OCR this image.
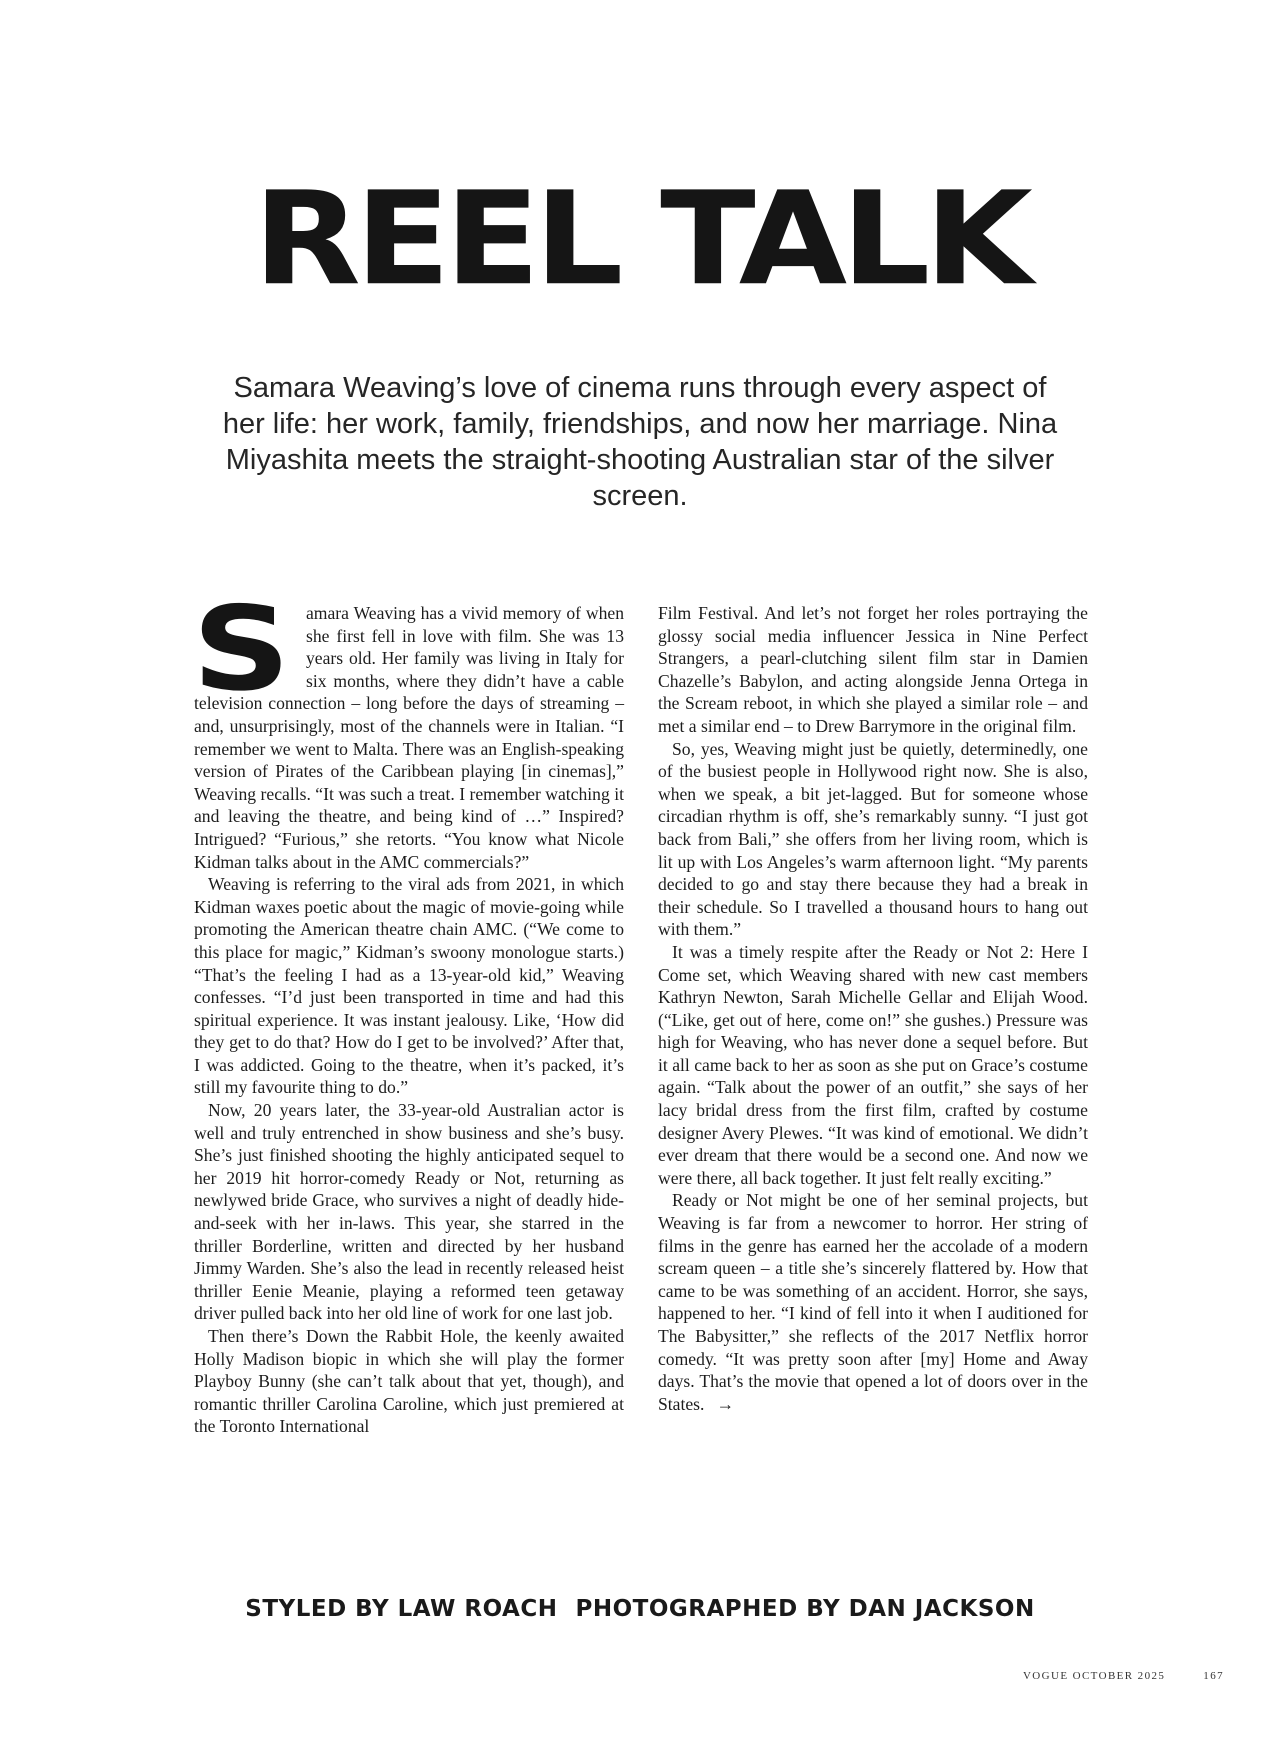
REEL TALK

Samara Weaving’s love of cinema runs through every aspect of her life: her work, family, friendships, and now her marriage. Nina Miyashita meets the straight-shooting Australian star of the silver screen.

Samara Weaving has a vivid memory of when she first fell in love with film. She was 13 years old. Her family was living in Italy for six months, where they didn’t have a cable television connection – long before the days of streaming – and, unsurprisingly, most of the channels were in Italian. “I remember we went to Malta. There was an English-speaking version of Pirates of the Caribbean playing [in cinemas],” Weaving recalls. “It was such a treat. I remember watching it and leaving the theatre, and being kind of …” Inspired? Intrigued? “Furious,” she retorts. “You know what Nicole Kidman talks about in the AMC commercials?”

Weaving is referring to the viral ads from 2021, in which Kidman waxes poetic about the magic of movie-going while promoting the American theatre chain AMC. (“We come to this place for magic,” Kidman’s swoony monologue starts.) “That’s the feeling I had as a 13-year-old kid,” Weaving confesses. “I’d just been transported in time and had this spiritual experience. It was instant jealousy. Like, ‘How did they get to do that? How do I get to be involved?’ After that, I was addicted. Going to the theatre, when it’s packed, it’s still my favourite thing to do.”

Now, 20 years later, the 33-year-old Australian actor is well and truly entrenched in show business and she’s busy. She’s just finished shooting the highly anticipated sequel to her 2019 hit horror-comedy Ready or Not, returning as newlywed bride Grace, who survives a night of deadly hide-and-seek with her in-laws. This year, she starred in the thriller Borderline, written and directed by her husband Jimmy Warden. She’s also the lead in recently released heist thriller Eenie Meanie, playing a reformed teen getaway driver pulled back into her old line of work for one last job.

Then there’s Down the Rabbit Hole, the keenly awaited Holly Madison biopic in which she will play the former Playboy Bunny (she can’t talk about that yet, though), and romantic thriller Carolina Caroline, which just premiered at the Toronto International

Film Festival. And let’s not forget her roles portraying the glossy social media influencer Jessica in Nine Perfect Strangers, a pearl-clutching silent film star in Damien Chazelle’s Babylon, and acting alongside Jenna Ortega in the Scream reboot, in which she played a similar role – and met a similar end – to Drew Barrymore in the original film.

So, yes, Weaving might just be quietly, determinedly, one of the busiest people in Hollywood right now. She is also, when we speak, a bit jet-lagged. But for someone whose circadian rhythm is off, she’s remarkably sunny. “I just got back from Bali,” she offers from her living room, which is lit up with Los Angeles’s warm afternoon light. “My parents decided to go and stay there because they had a break in their schedule. So I travelled a thousand hours to hang out with them.”

It was a timely respite after the Ready or Not 2: Here I Come set, which Weaving shared with new cast members Kathryn Newton, Sarah Michelle Gellar and Elijah Wood. (“Like, get out of here, come on!” she gushes.) Pressure was high for Weaving, who has never done a sequel before. But it all came back to her as soon as she put on Grace’s costume again. “Talk about the power of an outfit,” she says of her lacy bridal dress from the first film, crafted by costume designer Avery Plewes. “It was kind of emotional. We didn’t ever dream that there would be a second one. And now we were there, all back together. It just felt really exciting.”

Ready or Not might be one of her seminal projects, but Weaving is far from a newcomer to horror. Her string of films in the genre has earned her the accolade of a modern scream queen – a title she’s sincerely flattered by. How that came to be was something of an accident. Horror, she says, happened to her. “I kind of fell into it when I auditioned for The Babysitter,” she reflects of the 2017 Netflix horror comedy. “It was pretty soon after [my] Home and Away days. That’s the movie that opened a lot of doors over in the States. →

STYLED BY LAW ROACH PHOTOGRAPHED BY DAN JACKSON
VOGUE OCTOBER 2025	167
